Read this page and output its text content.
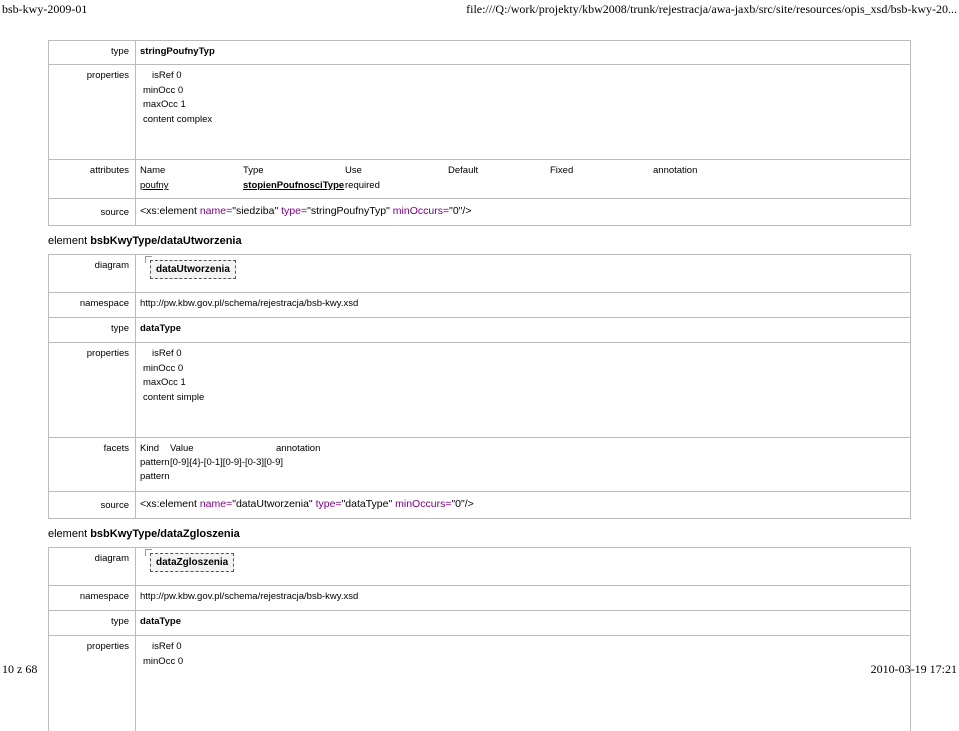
bsb-kwy-2009-01	file:///Q:/work/projekty/kbw2008/trunk/rejestracja/awa-jaxb/src/site/resources/opis_xsd/bsb-kwy-20...
type	stringPoufnyTyp
properties	isRef 0
minOcc 0
maxOcc 1
content complex
attributes	Name	Type	Use	Default	Fixed	annotation
poufny	stopienPoufnosciType required
source	<xs:element name="siedziba" type="stringPoufnyTyp" minOccurs="0"/>
element bsbKwyType/dataUtworzenia
diagram	dataUtworzenia
namespace	http://pw.kbw.gov.pl/schema/rejestracja/bsb-kwy.xsd
type	dataType
properties	isRef 0
minOcc 0
maxOcc 1
content simple
facets	Kind Value	annotation
pattern [0-9]{4}-[0-1][0-9]-[0-3][0-9]
pattern
source	<xs:element name="dataUtworzenia" type="dataType" minOccurs="0"/>
element bsbKwyType/dataZgloszenia
diagram	dataZgloszenia
namespace	http://pw.kbw.gov.pl/schema/rejestracja/bsb-kwy.xsd
type	dataType
properties	isRef 0
minOcc 0
10 z 68	2010-03-19 17:21
